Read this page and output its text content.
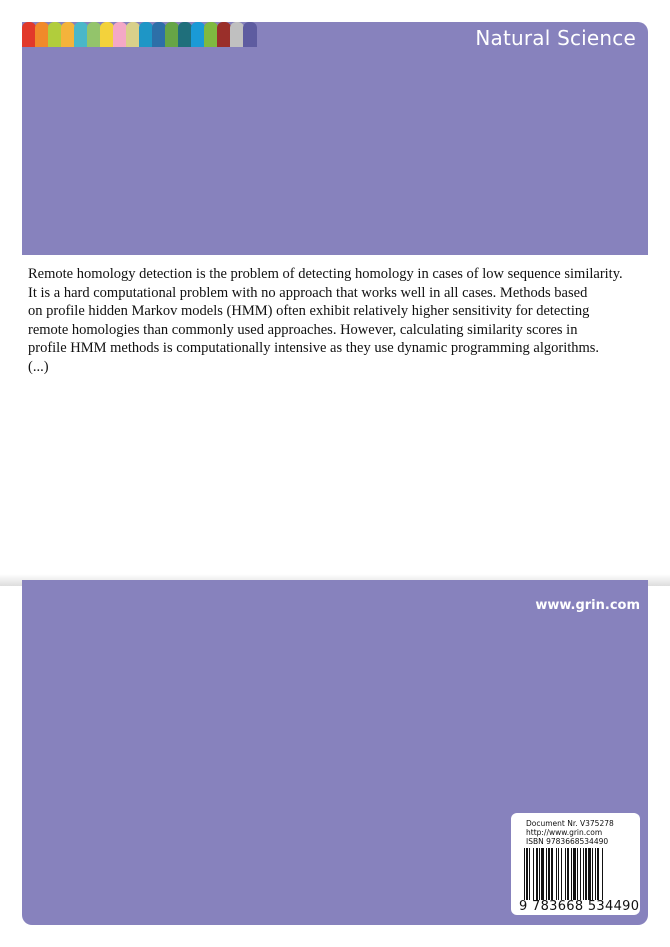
Natural Science

Remote homology detection is the problem of detecting homology in cases of low sequence similarity.
It is a hard computational problem with no approach that works well in all cases. Methods based
on profile hidden Markov models (HMM) often exhibit relatively higher sensitivity for detecting
remote homologies than commonly used approaches. However, calculating similarity scores in
profile HMM methods is computationally intensive as they use dynamic programming algorithms.
(...)

www.grin.com
Document Nr. V375278
http://www.grin.com
ISBN 9783668534490
9 783668 534490
